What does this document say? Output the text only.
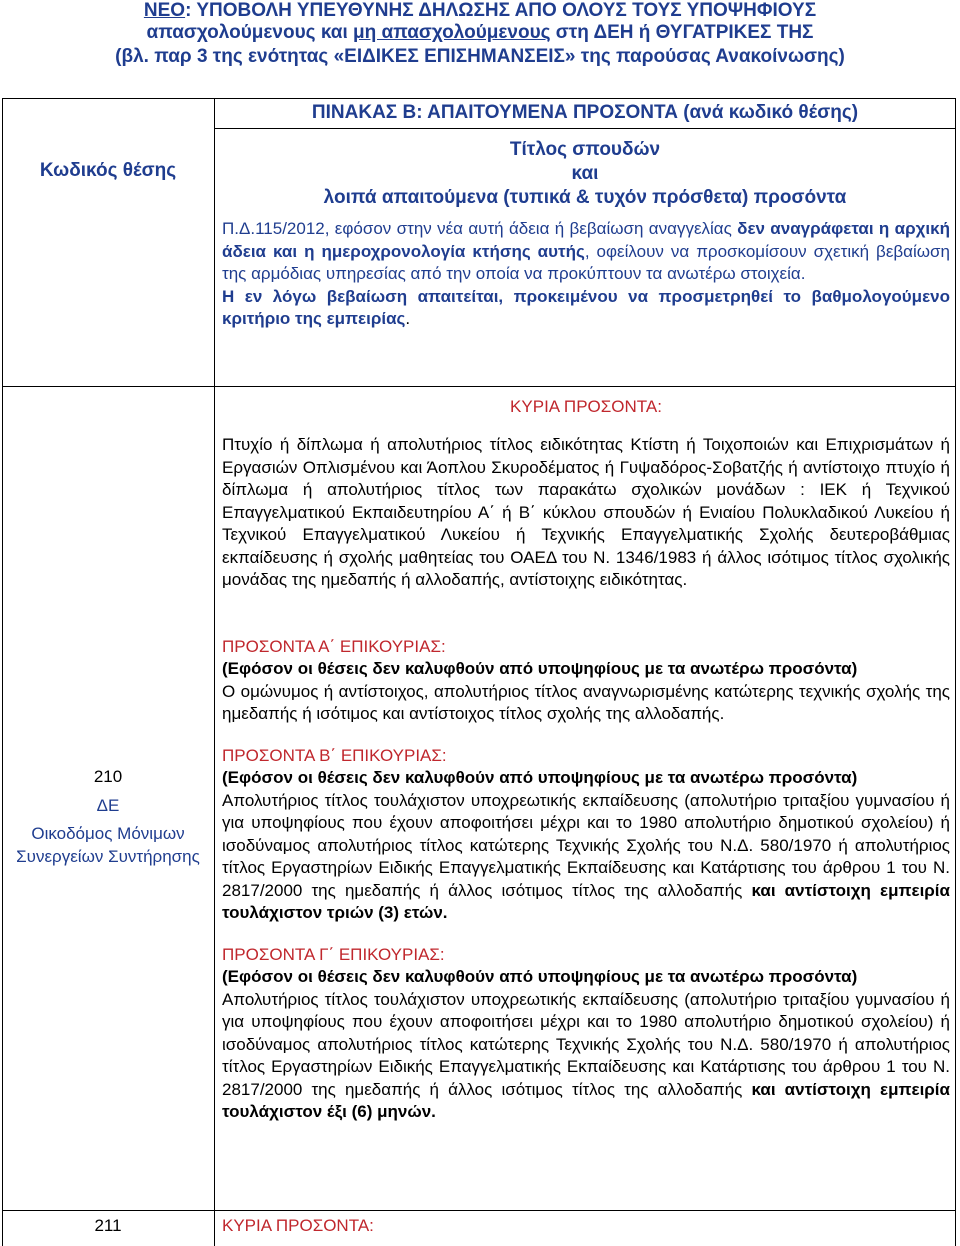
ΝΕΟ: ΥΠΟΒΟΛΗ ΥΠΕΥΘΥΝΗΣ ΔΗΛΩΣΗΣ ΑΠΟ ΟΛΟΥΣ ΤΟΥΣ ΥΠΟΨΗΦΙΟΥΣ
απασχολούμενους και μη απασχολούμενους στη ΔΕΗ ή ΘΥΓΑΤΡΙΚΕΣ ΤΗΣ
(βλ. παρ 3 της ενότητας «ΕΙΔΙΚΕΣ ΕΠΙΣΗΜΑΝΣΕΙΣ» της παρούσας Ανακοίνωσης)
ΠΙΝΑΚΑΣ Β: ΑΠΑΙΤΟΥΜΕΝΑ ΠΡΟΣΟΝΤΑ (ανά κωδικό θέσης)
Κωδικός θέσης
Τίτλος σπουδών
και
λοιπά απαιτούμενα (τυπικά & τυχόν πρόσθετα) προσόντα
Π.Δ.115/2012, εφόσον στην νέα αυτή άδεια ή βεβαίωση αναγγελίας δεν αναγράφεται η αρχική άδεια και η ημεροχρονολογία κτήσης αυτής, οφείλουν να προσκομίσουν σχετική βεβαίωση της αρμόδιας υπηρεσίας από την οποία να προκύπτουν τα ανωτέρω στοιχεία.
Η εν λόγω βεβαίωση απαιτείται, προκειμένου να προσμετρηθεί το βαθμολογούμενο κριτήριο της εμπειρίας.
210
ΔΕ
Οικοδόμος Μόνιμων Συνεργείων Συντήρησης
ΚΥΡΙΑ ΠΡΟΣΟΝΤΑ:

Πτυχίο ή δίπλωμα ή απολυτήριος τίτλος ειδικότητας Κτίστη ή Τοιχοποιών και Επιχρισμάτων ή Εργασιών Οπλισμένου και Άοπλου Σκυροδέματος ή Γυψαδόρος-Σοβατζής ή αντίστοιχο πτυχίο ή δίπλωμα ή απολυτήριος τίτλος των παρακάτω σχολικών μονάδων : ΙΕΚ ή Τεχνικού Επαγγελματικού Εκπαιδευτηρίου Α΄ ή Β΄ κύκλου σπουδών ή Ενιαίου Πολυκλαδικού Λυκείου ή Τεχνικού Επαγγελματικού Λυκείου ή Τεχνικής Επαγγελματικής Σχολής δευτεροβάθμιας εκπαίδευσης ή σχολής μαθητείας του ΟΑΕΔ του Ν. 1346/1983 ή άλλος ισότιμος τίτλος σχολικής μονάδας της ημεδαπής ή αλλοδαπής, αντίστοιχης ειδικότητας.

ΠΡΟΣΟΝΤΑ Α΄ ΕΠΙΚΟΥΡΙΑΣ:
(Εφόσον οι θέσεις δεν καλυφθούν από υποψηφίους με τα ανωτέρω προσόντα)

Ο ομώνυμος ή αντίστοιχος, απολυτήριος τίτλος αναγνωρισμένης κατώτερης τεχνικής σχολής της ημεδαπής ή ισότιμος και αντίστοιχος τίτλος σχολής της αλλοδαπής.

ΠΡΟΣΟΝΤΑ Β΄ ΕΠΙΚΟΥΡΙΑΣ:
(Εφόσον οι θέσεις δεν καλυφθούν από υποψηφίους με τα ανωτέρω προσόντα)

Απολυτήριος τίτλος τουλάχιστον υποχρεωτικής εκπαίδευσης (απολυτήριο τριταξίου γυμνασίου ή για υποψηφίους που έχουν αποφοιτήσει μέχρι και το 1980 απολυτήριο δημοτικού σχολείου) ή ισοδύναμος απολυτήριος τίτλος κατώτερης Τεχνικής Σχολής του Ν.Δ. 580/1970 ή απολυτήριος τίτλος Εργαστηρίων Ειδικής Επαγγελματικής Εκπαίδευσης και Κατάρτισης του άρθρου 1 του Ν. 2817/2000 της ημεδαπής ή άλλος ισότιμος τίτλος της αλλοδαπής και αντίστοιχη εμπειρία τουλάχιστον τριών (3) ετών.

ΠΡΟΣΟΝΤΑ Γ΄ ΕΠΙΚΟΥΡΙΑΣ:
(Εφόσον οι θέσεις δεν καλυφθούν από υποψηφίους με τα ανωτέρω προσόντα)

Απολυτήριος τίτλος τουλάχιστον υποχρεωτικής εκπαίδευσης (απολυτήριο τριταξίου γυμνασίου ή για υποψηφίους που έχουν αποφοιτήσει μέχρι και το 1980 απολυτήριο δημοτικού σχολείου) ή ισοδύναμος απολυτήριος τίτλος κατώτερης Τεχνικής Σχολής του Ν.Δ. 580/1970 ή απολυτήριος τίτλος Εργαστηρίων Ειδικής Επαγγελματικής Εκπαίδευσης και Κατάρτισης του άρθρου 1 του Ν. 2817/2000 της ημεδαπής ή άλλος ισότιμος τίτλος της αλλοδαπής και αντίστοιχη εμπειρία τουλάχιστον έξι (6) μηνών.

211	ΚΥΡΙΑ ΠΡΟΣΟΝΤΑ:
